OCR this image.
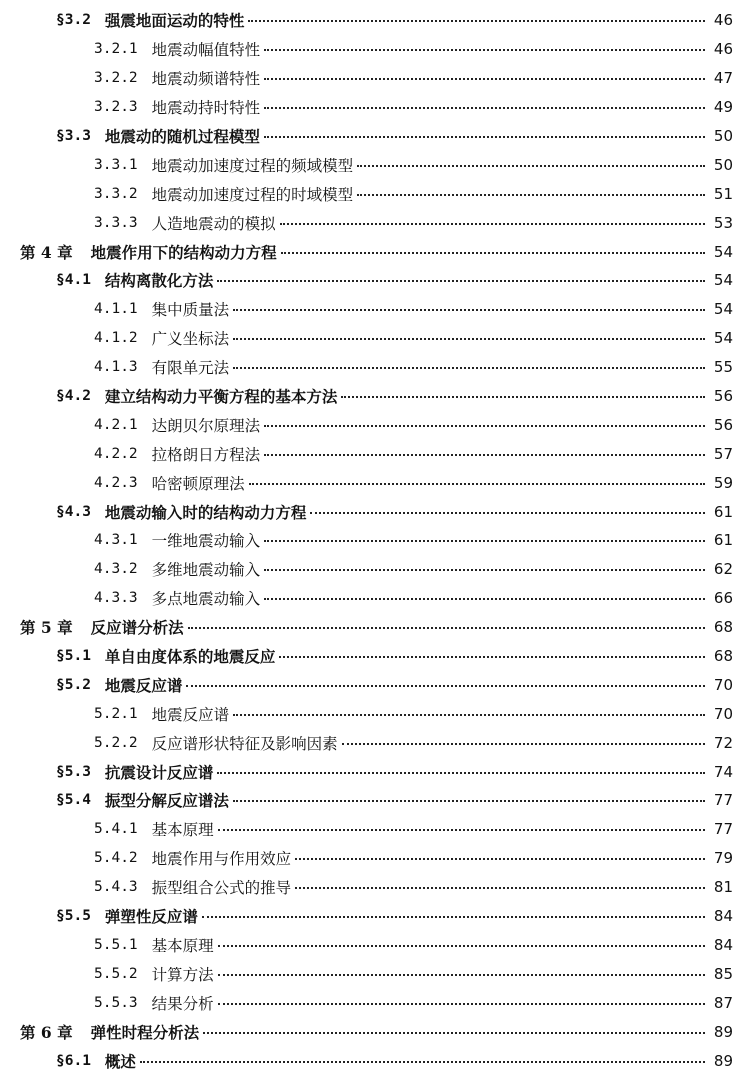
§3.2 强震地面运动的特性	46
3.2.1 地震动幅值特性	46
3.2.2 地震动频谱特性	47
3.2.3 地震动持时特性	49
§3.3 地震动的随机过程模型	50
3.3.1 地震动加速度过程的频域模型	50
3.3.2 地震动加速度过程的时域模型	51
3.3.3 人造地震动的模拟	53
第 4 章 地震作用下的结构动力方程	54
§4.1 结构离散化方法	54
4.1.1 集中质量法	54
4.1.2 广义坐标法	54
4.1.3 有限单元法	55
§4.2 建立结构动力平衡方程的基本方法	56
4.2.1 达朗贝尔原理法	56
4.2.2 拉格朗日方程法	57
4.2.3 哈密顿原理法	59
§4.3 地震动输入时的结构动力方程	61
4.3.1 一维地震动输入	61
4.3.2 多维地震动输入	62
4.3.3 多点地震动输入	66
第 5 章 反应谱分析法	68
§5.1 单自由度体系的地震反应	68
§5.2 地震反应谱	70
5.2.1 地震反应谱	70
5.2.2 反应谱形状特征及影响因素	72
§5.3 抗震设计反应谱	74
§5.4 振型分解反应谱法	77
5.4.1 基本原理	77
5.4.2 地震作用与作用效应	79
5.4.3 振型组合公式的推导	81
§5.5 弹塑性反应谱	84
5.5.1 基本原理	84
5.5.2 计算方法	85
5.5.3 结果分析	87
第 6 章 弹性时程分析法	89
§6.1 概述	89
